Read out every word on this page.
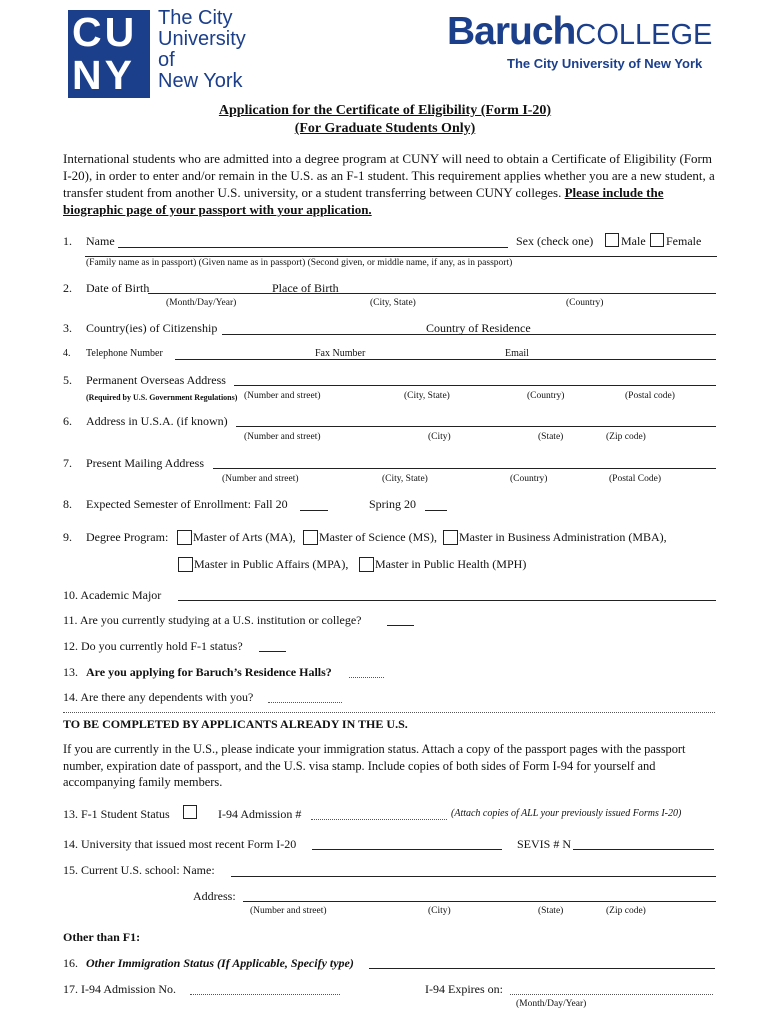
CU
NY
The City
University
of
New York
BaruchCOLLEGE
The City University of New York
Application for the Certificate of Eligibility (Form I-20)
(For Graduate Students Only)
International students who are admitted into a degree program at CUNY will need to obtain a Certificate of Eligibility (Form I-20), in order to enter and/or remain in the U.S. as an F-1 student. This requirement applies whether you are a new student, a transfer student from another U.S. university, or a student transferring between CUNY colleges. Please include the biographic page of your passport with your application.
1. Name	Sex (check one) Male Female
(Family name as in passport) (Given name as in passport) (Second given, or middle name, if any, as in passport)
2. Date of Birth	Place of Birth
(Month/Day/Year)	(City, State)	(Country)
3. Country(ies) of Citizenship	Country of Residence
4. Telephone Number	Fax Number	Email
5. Permanent Overseas Address
(Required by U.S. Government Regulations) (Number and street)	(City, State)	(Country)	(Postal code)
6. Address in U.S.A. (if known)
(Number and street)	(City)	(State)	(Zip code)
7. Present Mailing Address
(Number and street)	(City, State)	(Country)	(Postal Code)
8. Expected Semester of Enrollment: Fall 20	Spring 20
9. Degree Program: Master of Arts (MA), Master of Science (MS), Master in Business Administration (MBA),
Master in Public Affairs (MPA), Master in Public Health (MPH)
10. Academic Major
11. Are you currently studying at a U.S. institution or college?
12. Do you currently hold F-1 status?
13. Are you applying for Baruch’s Residence Halls?
14. Are there any dependents with you?
TO BE COMPLETED BY APPLICANTS ALREADY IN THE U.S.
If you are currently in the U.S., please indicate your immigration status. Attach a copy of the passport pages with the passport number, expiration date of passport, and the U.S. visa stamp. Include copies of both sides of Form I-94 for yourself and accompanying family members.
13. F-1 Student Status	I-94 Admission #	(Attach copies of ALL your previously issued Forms I-20)
14. University that issued most recent Form I-20	SEVIS # N
15. Current U.S. school: Name:
Address:
(Number and street)	(City)	(State)	(Zip code)
Other than F1:
16. Other Immigration Status (If Applicable, Specify type)
17. I-94 Admission No.	I-94 Expires on:
(Month/Day/Year)
